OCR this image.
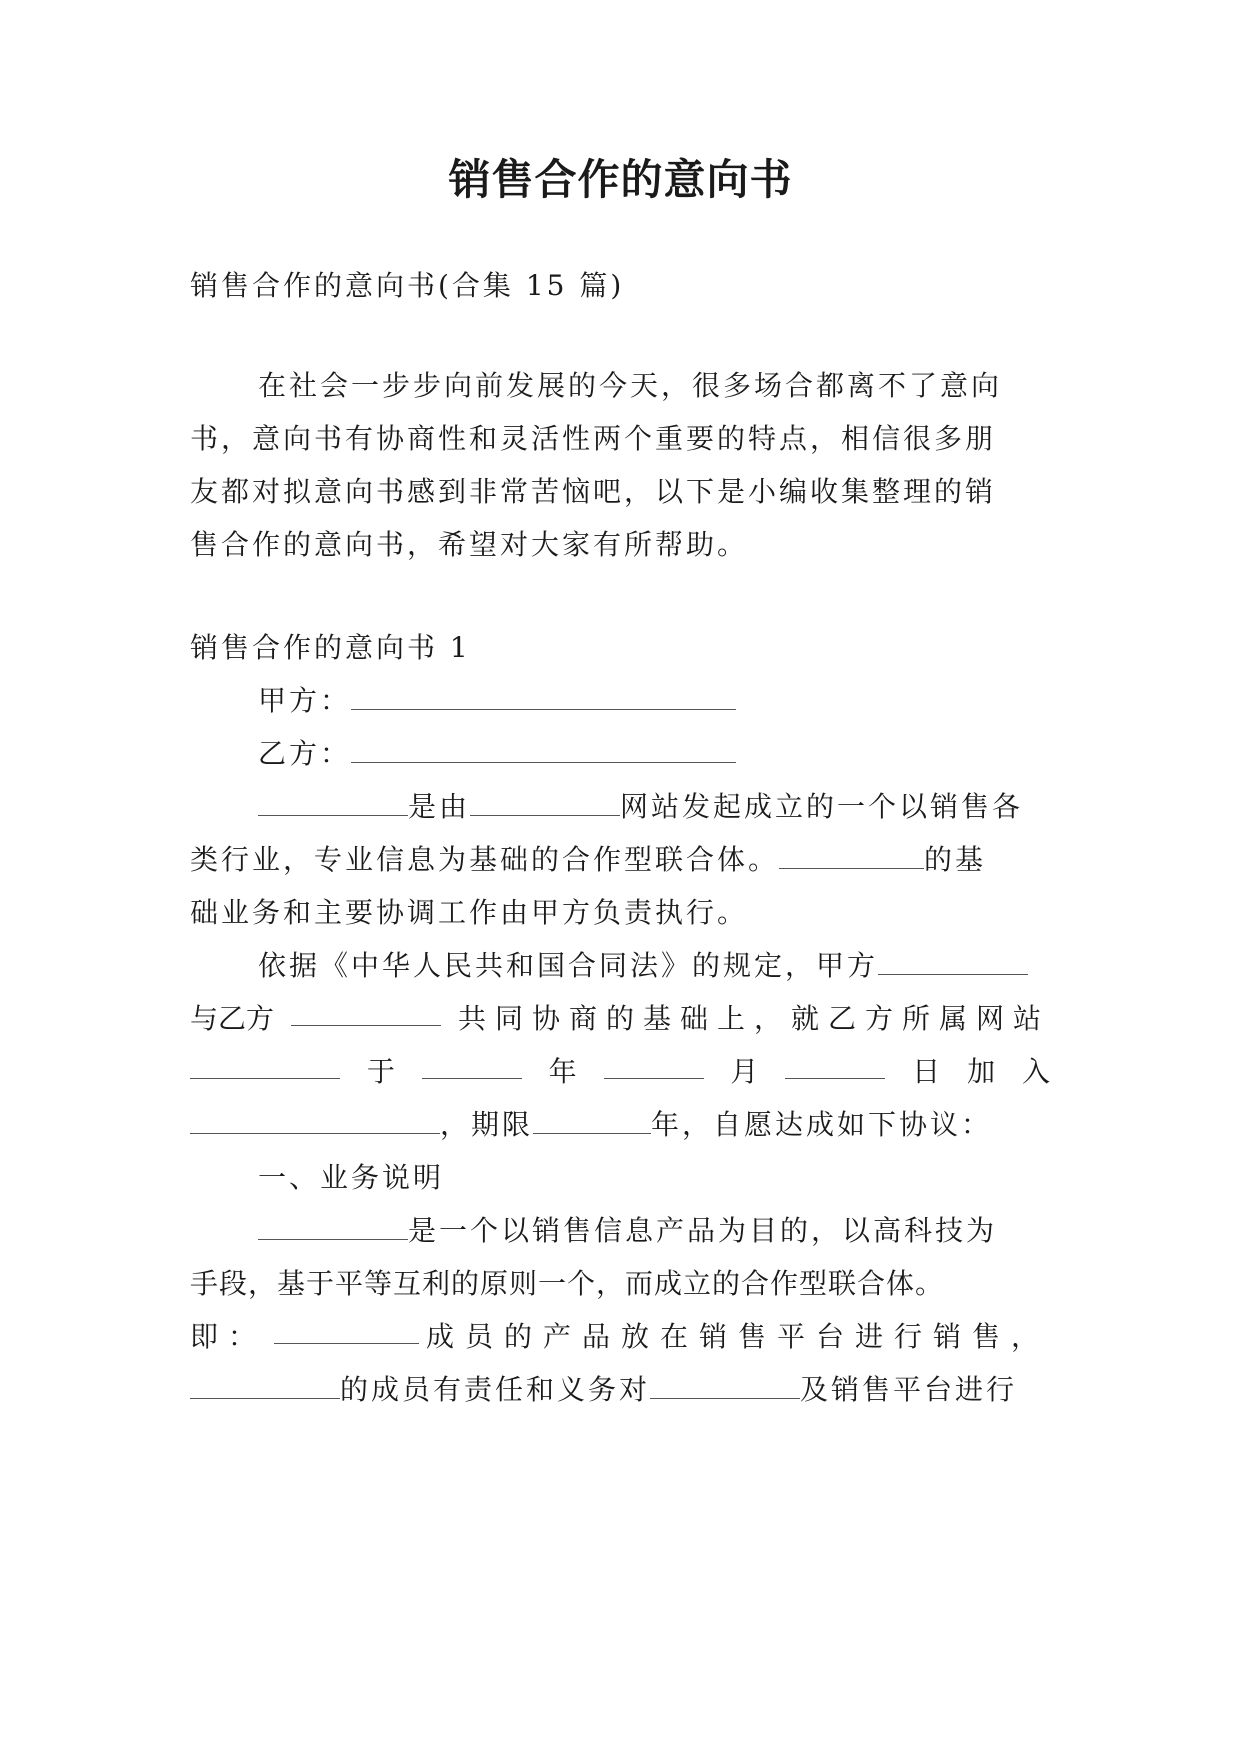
销售合作的意向书
销售合作的意向书(合集 15 篇)
在社会一步步向前发展的今天，很多场合都离不了意向
书，意向书有协商性和灵活性两个重要的特点，相信很多朋
友都对拟意向书感到非常苦恼吧，以下是小编收集整理的销
售合作的意向书，希望对大家有所帮助。
销售合作的意向书 1
甲方：
乙方：
是由	网站发起成立的一个以销售各
类行业，专业信息为基础的合作型联合体。	的基
础业务和主要协调工作由甲方负责执行。
依据《中华人民共和国合同法》的规定，甲方
与乙方	共同协商的基础上，就乙方所属网站
于	年	月	日 加 入
，期限	年，自愿达成如下协议：
一、业务说明
是一个以销售信息产品为目的，以高科技为
手段，基于平等互利的原则一个，而成立的合作型联合体。
即：	成员的产品放在销售平台进行销售，
的成员有责任和义务对	及销售平台进行
